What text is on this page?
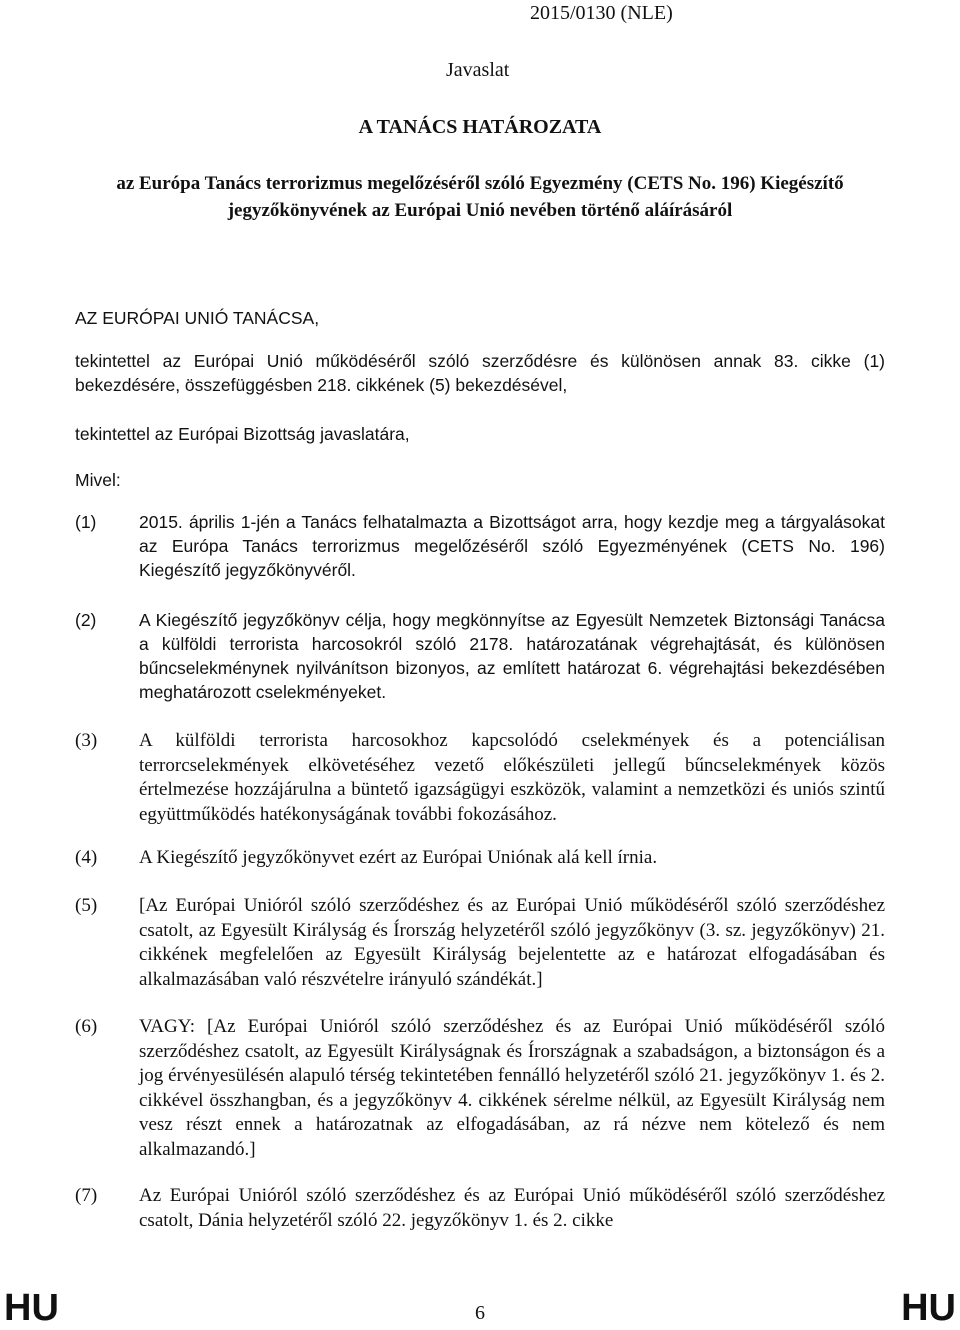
2015/0130 (NLE)
Javaslat
A TANÁCS HATÁROZATA
az Európa Tanács terrorizmus megelőzéséről szóló Egyezmény (CETS No. 196) Kiegészítő jegyzőkönyvének az Európai Unió nevében történő aláírásáról
AZ EURÓPAI UNIÓ TANÁCSA,
tekintettel az Európai Unió működéséről szóló szerződésre és különösen annak 83. cikke (1) bekezdésére, összefüggésben 218. cikkének (5) bekezdésével,
tekintettel az Európai Bizottság javaslatára,
Mivel:
(1) 2015. április 1-jén a Tanács felhatalmazta a Bizottságot arra, hogy kezdje meg a tárgyalásokat az Európa Tanács terrorizmus megelőzéséről szóló Egyezményének (CETS No. 196) Kiegészítő jegyzőkönyvéről.
(2) A Kiegészítő jegyzőkönyv célja, hogy megkönnyítse az Egyesült Nemzetek Biztonsági Tanácsa a külföldi terrorista harcosokról szóló 2178. határozatának végrehajtását, és különösen bűncselekménynek nyilvánítson bizonyos, az említett határozat 6. végrehajtási bekezdésében meghatározott cselekményeket.
(3) A külföldi terrorista harcosokhoz kapcsolódó cselekmények és a potenciálisan terrorcselekmények elkövetéséhez vezető előkészületi jellegű bűncselekmények közös értelmezése hozzájárulna a büntető igazságügyi eszközök, valamint a nemzetközi és uniós szintű együttműködés hatékonyságának további fokozásához.
(4) A Kiegészítő jegyzőkönyvet ezért az Európai Uniónak alá kell írnia.
(5) [Az Európai Unióról szóló szerződéshez és az Európai Unió működéséről szóló szerződéshez csatolt, az Egyesült Királyság és Írország helyzetéről szóló jegyzőkönyv (3. sz. jegyzőkönyv) 21. cikkének megfelelően az Egyesült Királyság bejelentette az e határozat elfogadásában és alkalmazásában való részvételre irányuló szándékát.]
(6) VAGY: [Az Európai Unióról szóló szerződéshez és az Európai Unió működéséről szóló szerződéshez csatolt, az Egyesült Királyságnak és Írországnak a szabadságon, a biztonságon és a jog érvényesülésén alapuló térség tekintetében fennálló helyzetéről szóló 21. jegyzőkönyv 1. és 2. cikkével összhangban, és a jegyzőkönyv 4. cikkének sérelme nélkül, az Egyesült Királyság nem vesz részt ennek a határozatnak az elfogadásában, az rá nézve nem kötelező és nem alkalmazandó.]
(7) Az Európai Unióról szóló szerződéshez és az Európai Unió működéséről szóló szerződéshez csatolt, Dánia helyzetéről szóló 22. jegyzőkönyv 1. és 2. cikke
HU	6	HU
